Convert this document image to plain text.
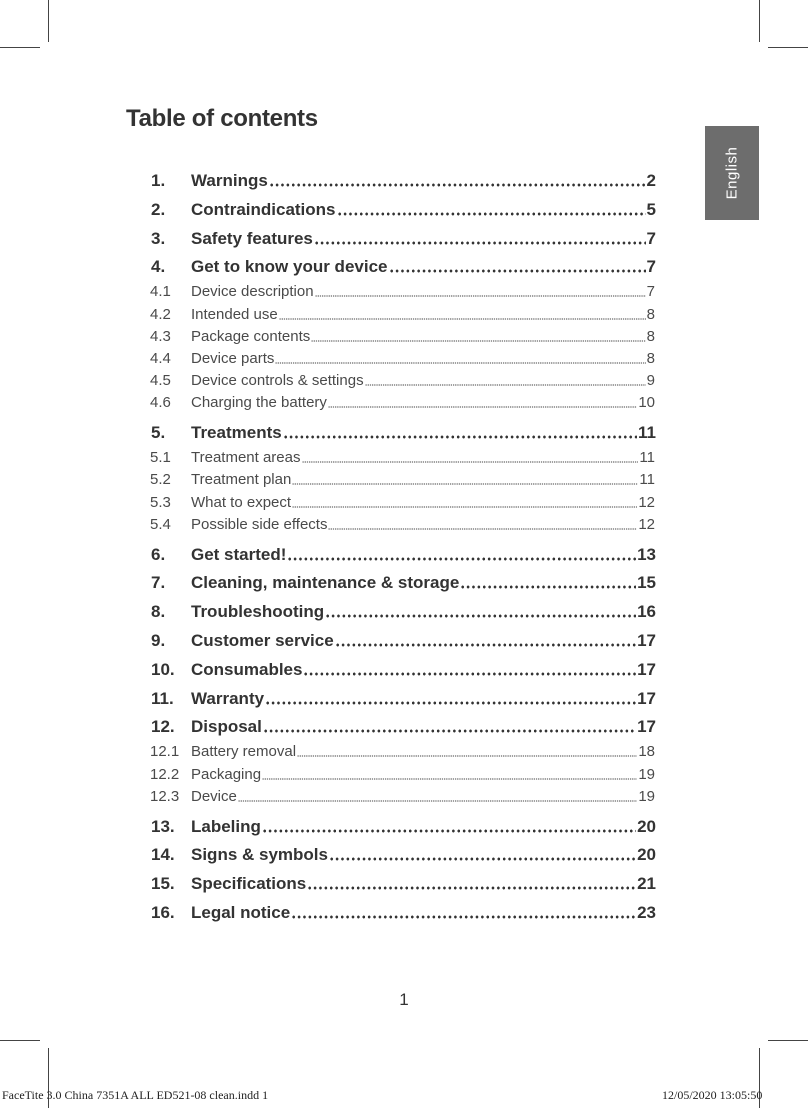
Table of contents
English
1.	Warnings	2
2.	Contraindications	5
3.	Safety features	7
4.	Get to know your device	7
4.1	Device description	7
4.2	Intended use	8
4.3	Package contents	8
4.4	Device parts	8
4.5	Device controls & settings	9
4.6	Charging the battery	10
5.	Treatments	11
5.1	Treatment areas	11
5.2	Treatment plan	11
5.3	What to expect	12
5.4	Possible side effects	12
6.	Get started!	13
7.	Cleaning, maintenance & storage	15
8.	Troubleshooting	16
9.	Customer service	17
10. Consumables	17
11.	Warranty	17
12. Disposal	17
12.1 Battery removal	18
12.2 Packaging	19
12.3 Device	19
13. Labeling	20
14. Signs & symbols	20
15. Specifications	21
16. Legal notice	23
1
FaceTite 3.0 China 7351A ALL ED521-08 clean.indd 1	12/05/2020 13:05:50
